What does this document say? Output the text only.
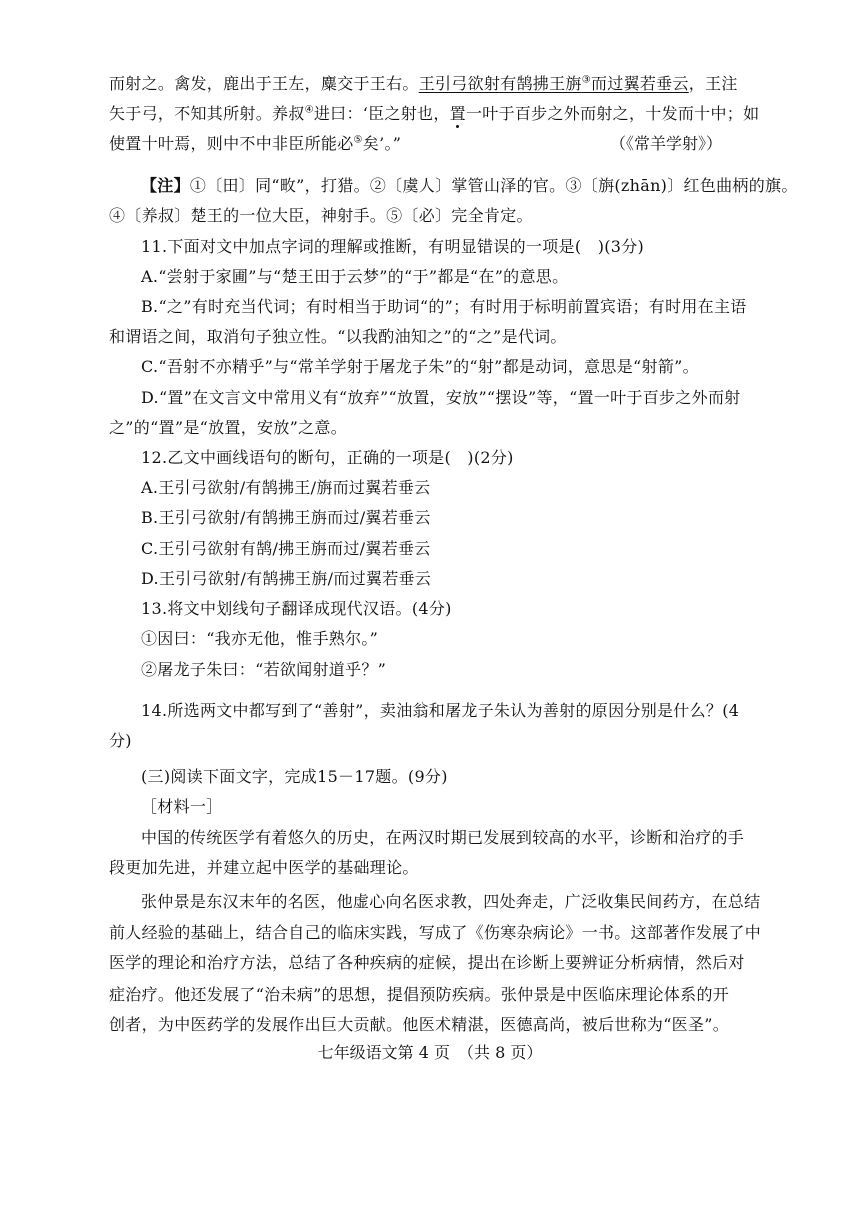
而射之。禽发，鹿出于王左，麋交于王右。王引弓欲射有鹄拂王旃③而过翼若垂云，王注
矢于弓，不知其所射。养叔④进曰：‘臣之射也，置一叶于百步之外而射之，十发而十中；如
使置十叶焉，则中不中非臣所能必⑤矣’。”	（《常羊学射》）
【注】①〔田〕同“畋”，打猎。②〔虞人〕掌管山泽的官。③〔旃(zhān)〕红色曲柄的旗。
④〔养叔〕楚王的一位大臣，神射手。⑤〔必〕完全肯定。
11.下面对文中加点字词的理解或推断，有明显错误的一项是(　)(3分)
A.“尝射于家圃”与“楚王田于云梦”的“于”都是“在”的意思。
B.“之”有时充当代词；有时相当于助词“的”；有时用于标明前置宾语；有时用在主语
和谓语之间，取消句子独立性。“以我酌油知之”的“之”是代词。
C.“吾射不亦精乎”与“常羊学射于屠龙子朱”的“射”都是动词，意思是“射箭”。
D.“置”在文言文中常用义有“放弃”“放置，安放”“摆设”等，“置一叶于百步之外而射
之”的“置”是“放置，安放”之意。
12.乙文中画线语句的断句，正确的一项是(　)(2分)
A.王引弓欲射/有鹄拂王/旃而过翼若垂云
B.王引弓欲射/有鹄拂王旃而过/翼若垂云
C.王引弓欲射有鹄/拂王旃而过/翼若垂云
D.王引弓欲射/有鹄拂王旃/而过翼若垂云
13.将文中划线句子翻译成现代汉语。(4分)
①因曰：“我亦无他，惟手熟尔。”
②屠龙子朱曰：“若欲闻射道乎？”
14.所选两文中都写到了“善射”，卖油翁和屠龙子朱认为善射的原因分别是什么？(4
分)
(三)阅读下面文字，完成15－17题。(9分)
［材料一］
中国的传统医学有着悠久的历史，在两汉时期已发展到较高的水平，诊断和治疗的手
段更加先进，并建立起中医学的基础理论。
张仲景是东汉末年的名医，他虚心向名医求教，四处奔走，广泛收集民间药方，在总结
前人经验的基础上，结合自己的临床实践，写成了《伤寒杂病论》一书。这部著作发展了中
医学的理论和治疗方法，总结了各种疾病的症候，提出在诊断上要辨证分析病情，然后对
症治疗。他还发展了“治未病”的思想，提倡预防疾病。张仲景是中医临床理论体系的开
创者，为中医药学的发展作出巨大贡献。他医术精湛，医德高尚，被后世称为“医圣”。
七年级语文第 4 页　（共 8 页）
